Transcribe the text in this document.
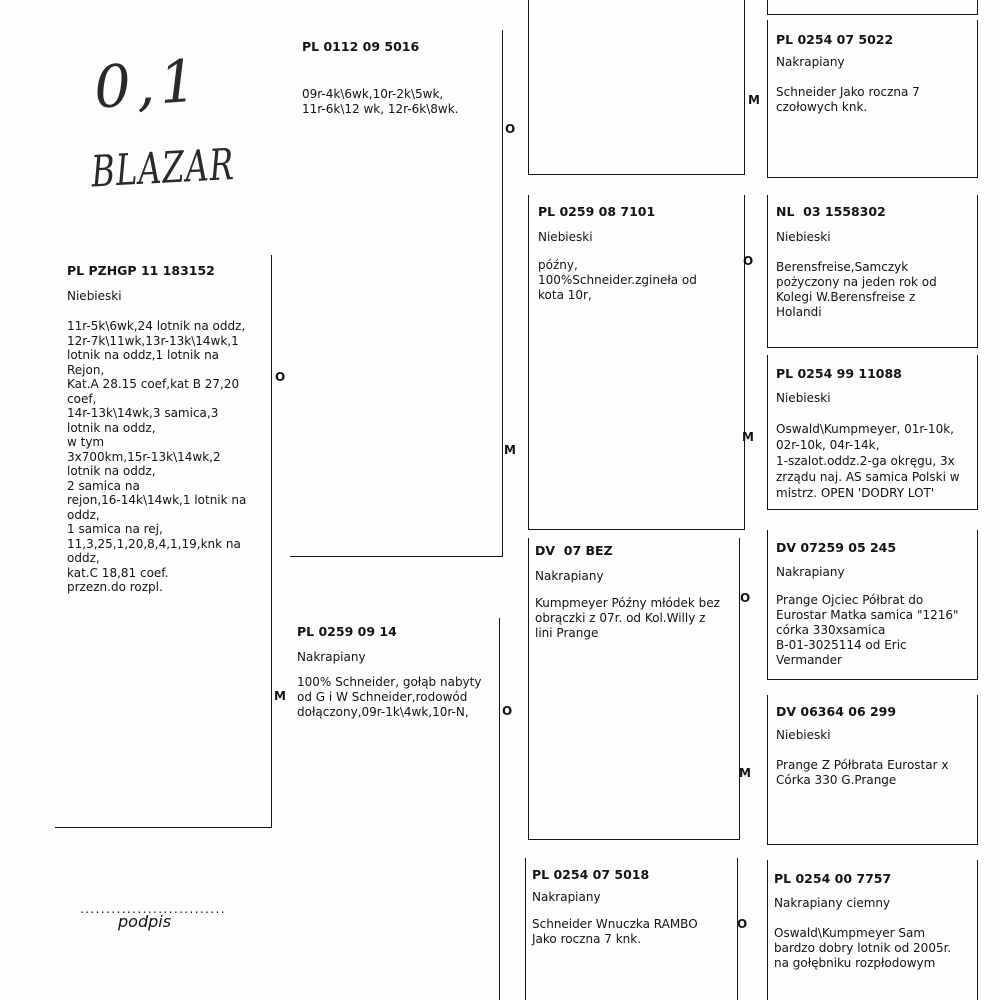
0,1
BLAZAR
PL PZHGP 11 183152
Niebieski
11r-5k\6wk,24 lotnik na oddz,
12r-7k\11wk,13r-13k\14wk,1
lotnik na oddz,1 lotnik na
Rejon,
Kat.A 28.15 coef,kat B 27,20
coef,
14r-13k\14wk,3 samica,3
lotnik na oddz,
w tym
3x700km,15r-13k\14wk,2
lotnik na oddz,
2 samica na
rejon,16-14k\14wk,1 lotnik na
oddz,
1 samica na rej,
11,3,25,1,20,8,4,1,19,knk na
oddz,
kat.C 18,81 coef.
przezn.do rozpl.
O
M
PL 0112 09 5016
09r-4k\6wk,10r-2k\5wk,
11r-6k\12 wk, 12r-6k\8wk.
O
M
PL 0259 09 14
Nakrapiany
100% Schneider, gołąb nabyty
od G i W Schneider,rodowód
dołączony,09r-1k\4wk,10r-N,	O
M
PL 0259 08 7101
Niebieski
późny,
100%Schneider.zgineła od
kota 10r,
O
M
DV  07 BEZ
Nakrapiany
Kumpmeyer Późny młódek bez
obrączki z 07r. od Kol.Willy z
lini Prange
O
M
PL 0254 07 5018
Nakrapiany
Schneider Wnuczka RAMBO
Jako roczna 7 knk.
O
PL 0254 07 5022
Nakrapiany
Schneider Jako roczna 7
czołowych knk.
NL  03 1558302
Niebieski
Berensfreise,Samczyk
pożyczony na jeden rok od
Kolegi W.Berensfreise z
Holandi
PL 0254 99 11088
Niebieski
Oswald\Kumpmeyer, 01r-10k,
02r-10k, 04r-14k,
1-szalot.oddz.2-ga okręgu, 3x
zrządu naj. AS samica Polski w
mistrz. OPEN 'DODRY LOT'
DV 07259 05 245
Nakrapiany
Prange Ojciec Półbrat do
Eurostar Matka samica "1216"
córka 330xsamica
B-01-3025114 od Eric
Vermander
DV 06364 06 299
Niebieski
Prange Z Półbrata Eurostar x
Córka 330 G.Prange
PL 0254 00 7757
Nakrapiany ciemny
Oswald\Kumpmeyer Sam
bardzo dobry lotnik od 2005r.
na gołębniku rozpłodowym
............................
podpis
